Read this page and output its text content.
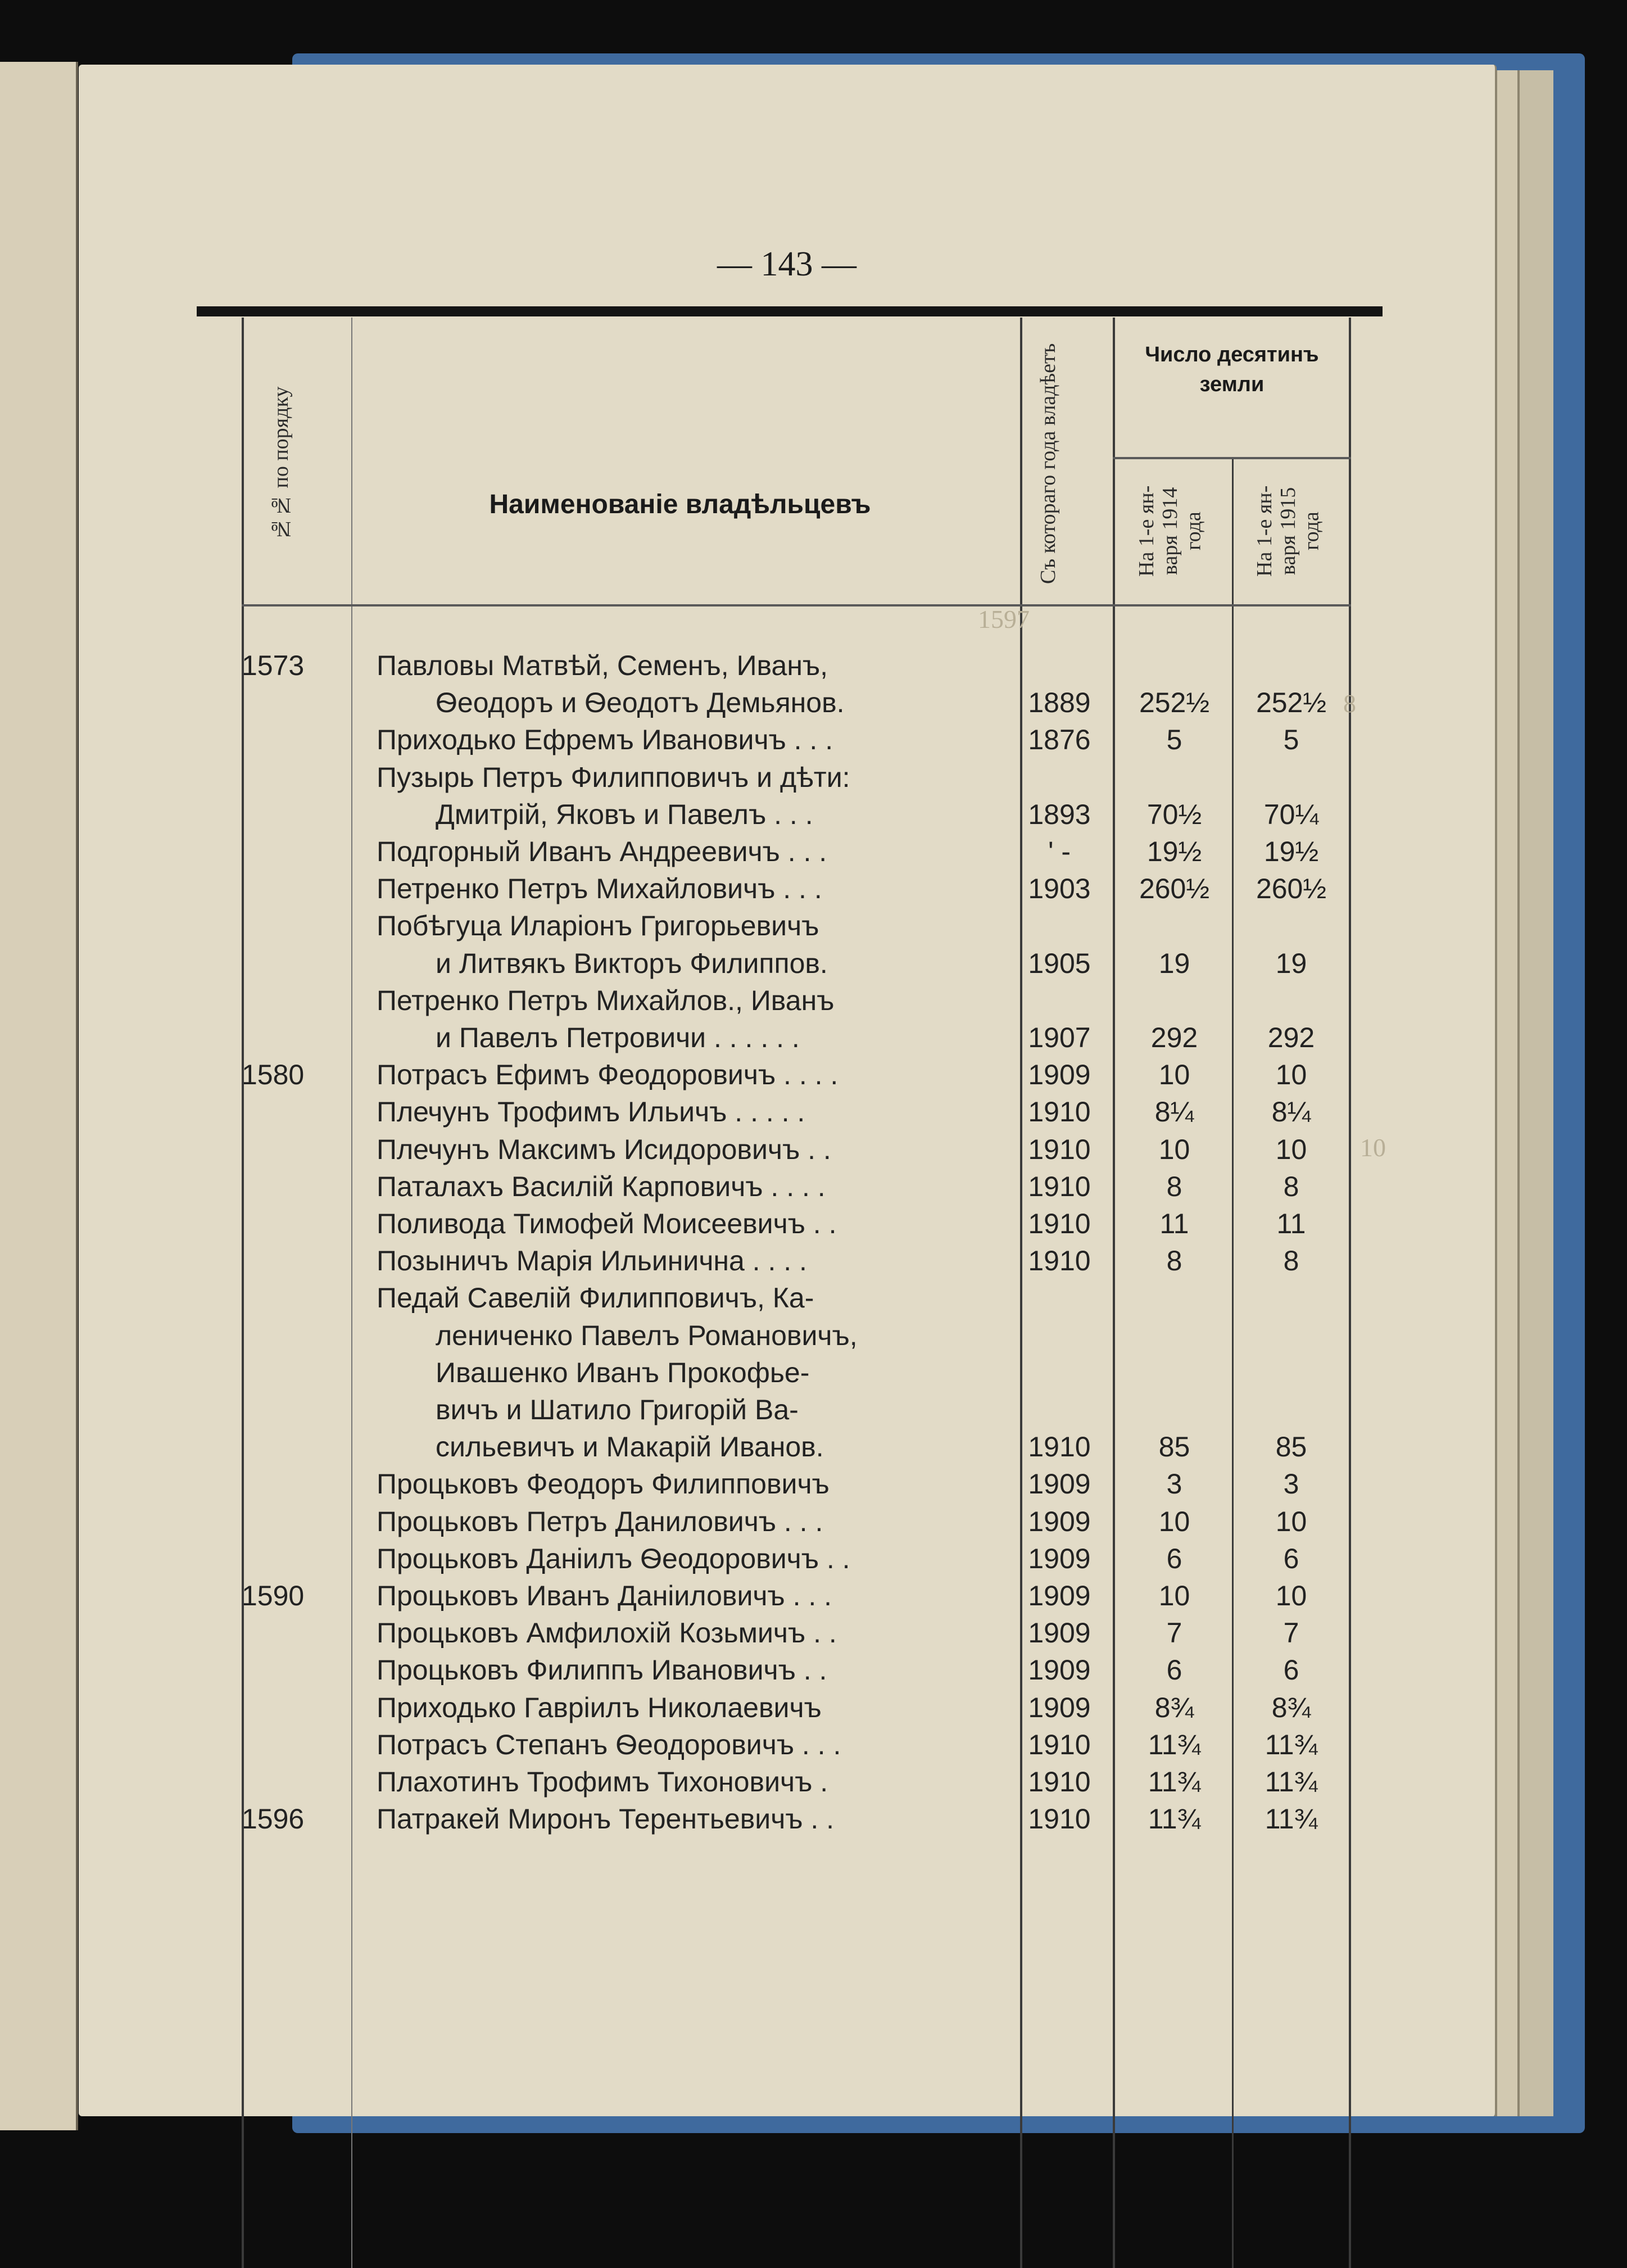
— 143 —
№№ по порядку	Наименованіе владѣльцевъ	Съ котораго года владѣетъ	Число десятинъ земли
На 1-е ян-варя 1914 года	На 1-е ян-варя 1915 года
1573	Павловы Матвѣй, Семенъ, Иванъ,
Ѳеодоръ и Ѳеодотъ Демьянов.	1889	252½	252½
Приходько Ефремъ Ивановичъ . . .	1876	5	5
Пузырь Петръ Филипповичъ и дѣти:
Дмитрій, Яковъ и Павелъ . . .	1893	70½	70¼
Подгорный Иванъ Андреевичъ . . .	' -	19½	19½
Петренко Петръ Михайловичъ . . .	1903	260½	260½
Побѣгуца Иларіонъ Григорьевичъ
и Литвякъ Викторъ Филиппов.	1905	19	19
Петренко Петръ Михайлов., Иванъ
и Павелъ Петровичи . . . . . .	1907	292	292
1580	Потрасъ Ефимъ Феодоровичъ . . . .	1909	10	10
Плечунъ Трофимъ Ильичъ . . . . .	1910	8¼	8¼
Плечунъ Максимъ Исидоровичъ . .	1910	10	10
Паталахъ Василій Карповичъ . . . .	1910	8	8
Поливода Тимофей Моисеевичъ . .	1910	11	11
Позыничъ Марія Ильинична . . . .	1910	8	8
Педай Савелій Филипповичъ, Ка-
лениченко Павелъ Романовичъ,
Ивашенко Иванъ Прокофье-
вичъ и Шатило Григорій Ва-
сильевичъ и Макарій Иванов.	1910	85	85
Процьковъ Феодоръ Филипповичъ	1909	3	3
Процьковъ Петръ Даниловичъ . . .	1909	10	10
Процьковъ Даніилъ Ѳеодоровичъ . .	1909	6	6
1590	Процьковъ Иванъ Даніиловичъ . . .	1909	10	10
Процьковъ Амфилохій Козьмичъ . .	1909	7	7
Процьковъ Филиппъ Ивановичъ . .	1909	6	6
Приходько Гавріилъ Николаевичъ	1909	8¾	8¾
Потрасъ Степанъ Ѳеодоровичъ . . .	1910	11¾	11¾
Плахотинъ Трофимъ Тихоновичъ .	1910	11¾	11¾
1596	Патракей Миронъ Терентьевичъ . .	1910	11¾	11¾
1597
8
10
